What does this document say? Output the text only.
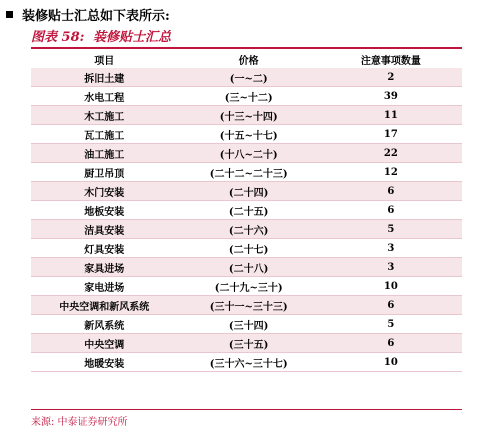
装修贴士汇总如下表所示:
图表 58: 装修贴士汇总
项目	价格	注意事项数量
拆旧土建	(一~二)	2
水电工程	(三~十二)	39
木工施工	(十三~十四)	11
瓦工施工	(十五~十七)	17
油工施工	(十八~二十)	22
厨卫吊顶	(二十二~二十三)	12
木门安装	(二十四)	6
地板安装	(二十五)	6
洁具安装	(二十六)	5
灯具安装	(二十七)	3
家具进场	(二十八)	3
家电进场	(二十九~三十)	10
中央空调和新风系统	(三十一~三十三)	6
新风系统	(三十四)	5
中央空调	(三十五)	6
地暖安装	(三十六~三十七)	10
来源: 中泰证券研究所
